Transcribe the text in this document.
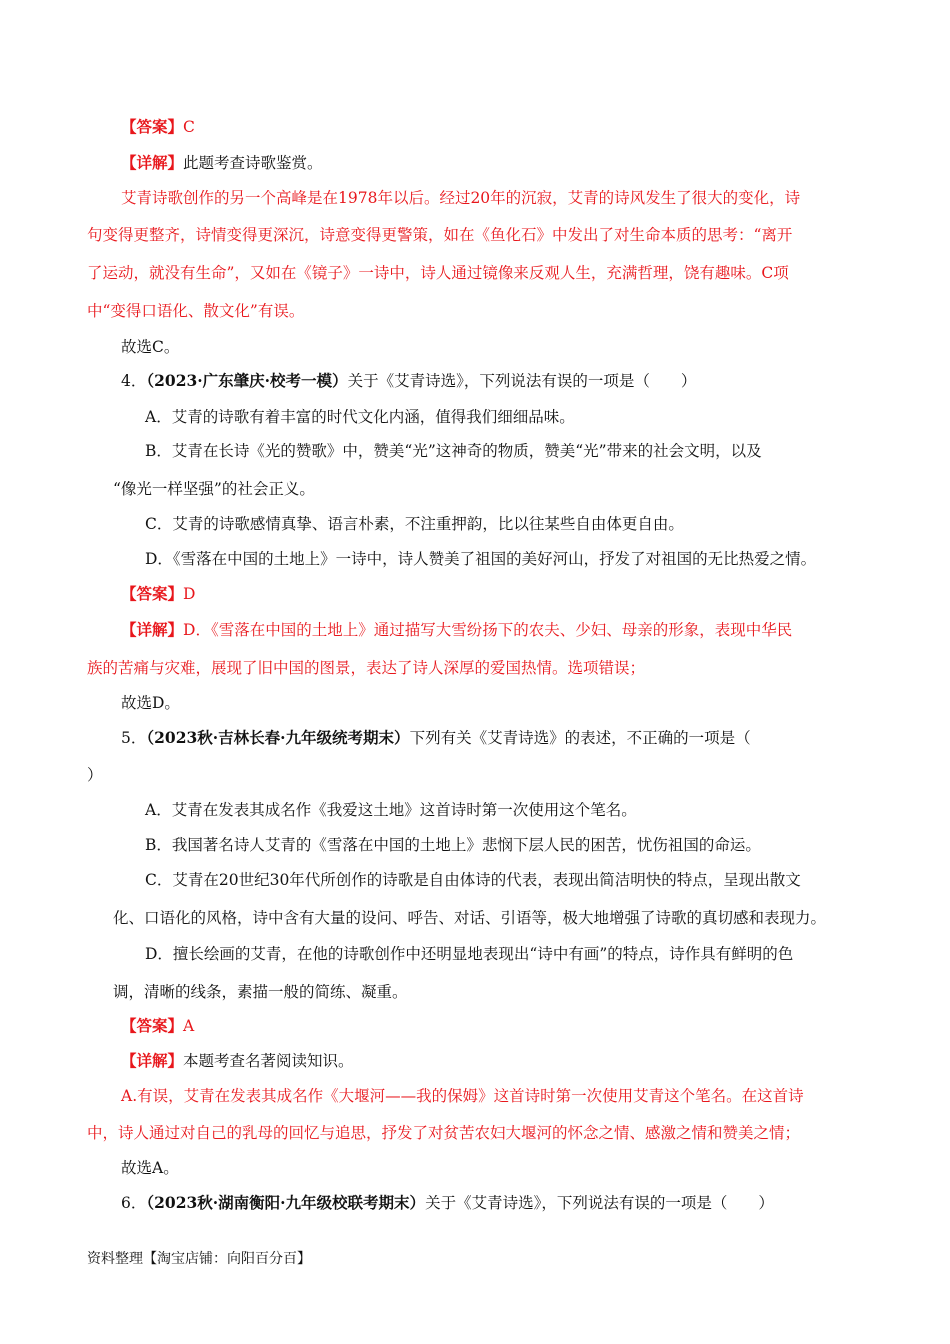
【答案】C
【详解】此题考查诗歌鉴赏。
艾青诗歌创作的另一个高峰是在1978年以后。经过20年的沉寂，艾青的诗风发生了很大的变化，诗
句变得更整齐，诗情变得更深沉，诗意变得更警策，如在《鱼化石》中发出了对生命本质的思考：“离开
了运动，就没有生命”，又如在《镜子》一诗中，诗人通过镜像来反观人生，充满哲理，饶有趣味。C项
中“变得口语化、散文化”有误。
故选C。
4．（2023·广东肇庆·校考一模）关于《艾青诗选》，下列说法有误的一项是（　　）
A．艾青的诗歌有着丰富的时代文化内涵，值得我们细细品味。
B．艾青在长诗《光的赞歌》中，赞美“光”这神奇的物质，赞美“光”带来的社会文明，以及
“像光一样坚强”的社会正义。
C．艾青的诗歌感情真挚、语言朴素，不注重押韵，比以往某些自由体更自由。
D．《雪落在中国的土地上》一诗中，诗人赞美了祖国的美好河山，抒发了对祖国的无比热爱之情。
【答案】D
【详解】D．《雪落在中国的土地上》通过描写大雪纷扬下的农夫、少妇、母亲的形象，表现中华民
族的苦痛与灾难，展现了旧中国的图景，表达了诗人深厚的爱国热情。选项错误；
故选D。
5．（2023秋·吉林长春·九年级统考期末）下列有关《艾青诗选》的表述，不正确的一项是（
）
A．艾青在发表其成名作《我爱这土地》这首诗时第一次使用这个笔名。
B．我国著名诗人艾青的《雪落在中国的土地上》悲悯下层人民的困苦，忧伤祖国的命运。
C．艾青在20世纪30年代所创作的诗歌是自由体诗的代表，表现出简洁明快的特点，呈现出散文
化、口语化的风格，诗中含有大量的设问、呼告、对话、引语等，极大地增强了诗歌的真切感和表现力。
D．擅长绘画的艾青，在他的诗歌创作中还明显地表现出“诗中有画”的特点，诗作具有鲜明的色
调，清晰的线条，素描一般的简练、凝重。
【答案】A
【详解】本题考查名著阅读知识。
A.有误，艾青在发表其成名作《大堰河——我的保姆》这首诗时第一次使用艾青这个笔名。在这首诗
中，诗人通过对自己的乳母的回忆与追思，抒发了对贫苦农妇大堰河的怀念之情、感激之情和赞美之情；
故选A。
6．（2023秋·湖南衡阳·九年级校联考期末）关于《艾青诗选》，下列说法有误的一项是（　　）
资料整理【淘宝店铺：向阳百分百】
